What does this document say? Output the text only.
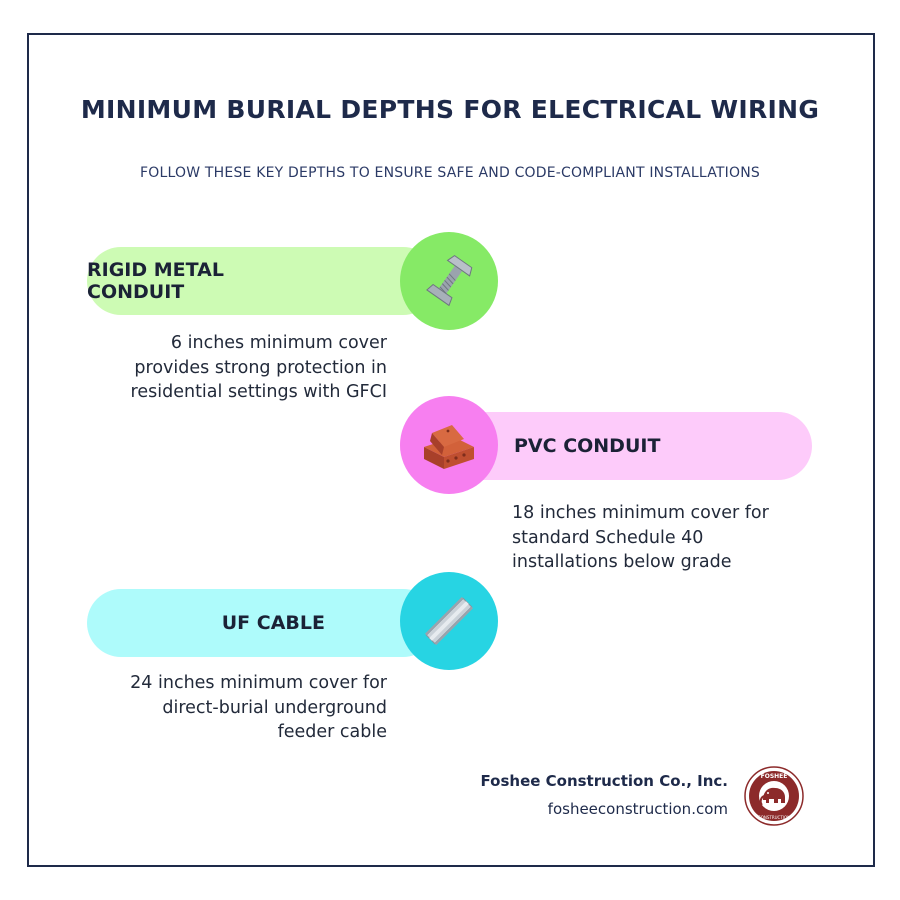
MINIMUM BURIAL DEPTHS FOR ELECTRICAL WIRING
FOLLOW THESE KEY DEPTHS TO ENSURE SAFE AND CODE-COMPLIANT INSTALLATIONS
RIGID METAL CONDUIT
6 inches minimum cover
provides strong protection in
residential settings with GFCI
PVC CONDUIT
18 inches minimum cover for
standard Schedule 40
installations below grade
UF CABLE
24 inches minimum cover for
direct-burial underground
feeder cable
Foshee Construction Co., Inc.
fosheeconstruction.com
FOSHEE
CONSTRUCTION
